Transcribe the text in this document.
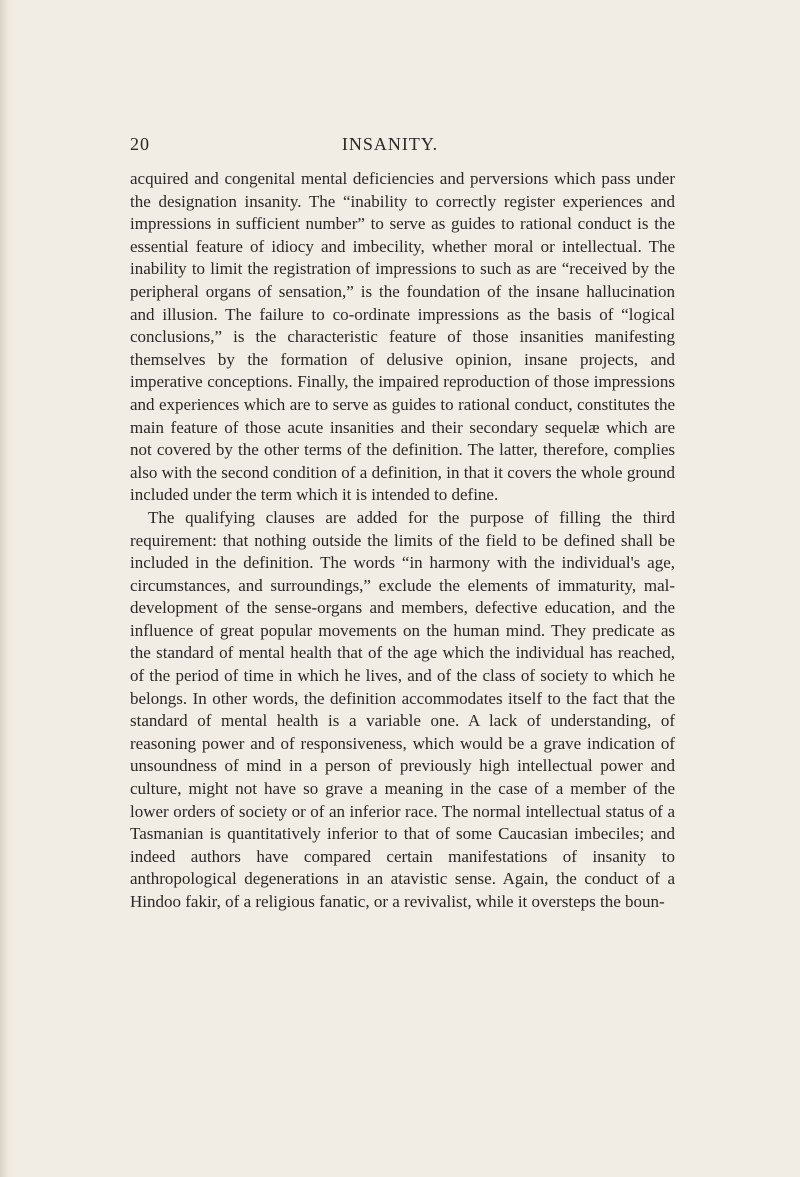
20	INSANITY.

acquired and congenital mental deficiencies and perversions which pass under the designation insanity. The “inability to correctly register experiences and impressions in sufficient number” to serve as guides to rational conduct is the essential feature of idiocy and imbecility, whether moral or intellectual. The inability to limit the registration of impressions to such as are “received by the peripheral organs of sensation,” is the foundation of the insane hallucination and illusion. The failure to co-ordinate impressions as the basis of “logical conclusions,” is the characteristic feature of those insanities manifesting themselves by the formation of delusive opinion, insane projects, and imperative conceptions. Finally, the impaired reproduction of those impressions and experiences which are to serve as guides to rational conduct, constitutes the main feature of those acute insanities and their secondary sequelæ which are not covered by the other terms of the definition. The latter, therefore, complies also with the second condition of a definition, in that it covers the whole ground included under the term which it is intended to define.

The qualifying clauses are added for the purpose of filling the third requirement: that nothing outside the limits of the field to be defined shall be included in the definition. The words “in harmony with the individual's age, circumstances, and surroundings,” exclude the elements of immaturity, mal-development of the sense-organs and members, defective education, and the influence of great popular movements on the human mind. They predicate as the standard of mental health that of the age which the individual has reached, of the period of time in which he lives, and of the class of society to which he belongs. In other words, the definition accommodates itself to the fact that the standard of mental health is a variable one. A lack of understanding, of reasoning power and of responsiveness, which would be a grave indication of unsoundness of mind in a person of previously high intellectual power and culture, might not have so grave a meaning in the case of a member of the lower orders of society or of an inferior race. The normal intellectual status of a Tasmanian is quantitatively inferior to that of some Caucasian imbeciles; and indeed authors have compared certain manifestations of insanity to anthropological degenerations in an atavistic sense. Again, the conduct of a Hindoo fakir, of a religious fanatic, or a revivalist, while it oversteps the boun-
